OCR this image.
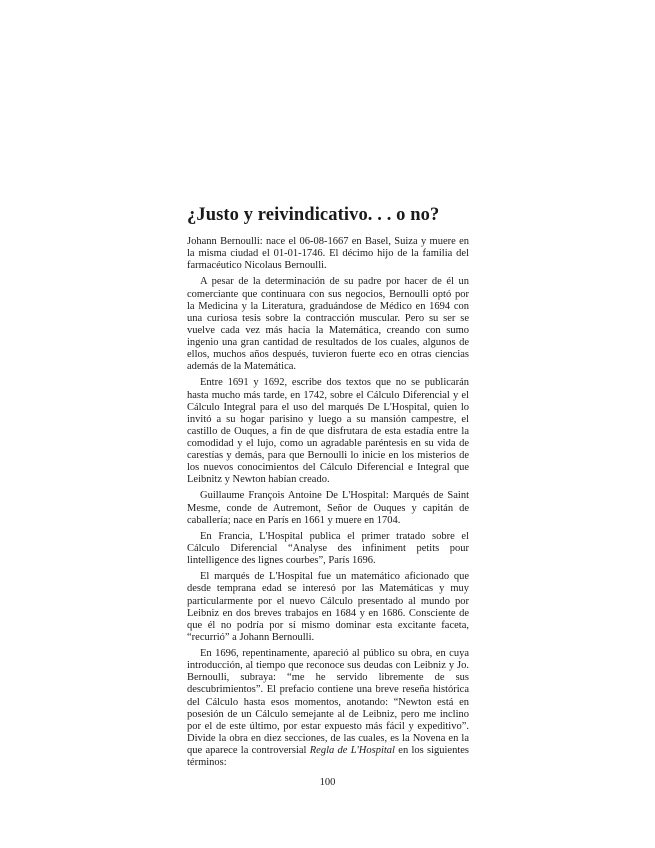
¿Justo y reivindicativo. . . o no?

Johann Bernoulli: nace el 06-08-1667 en Basel, Suiza y muere en la misma ciudad el 01-01-1746. El décimo hijo de la familia del farmacéutico Nicolaus Bernoulli.

A pesar de la determinación de su padre por hacer de él un comerciante que continuara con sus negocios, Bernoulli optó por la Medicina y la Literatura, graduándose de Médico en 1694 con una curiosa tesis sobre la contracción muscular. Pero su ser se vuelve cada vez más hacia la Matemática, creando con sumo ingenio una gran cantidad de resultados de los cuales, algunos de ellos, muchos años después, tuvieron fuerte eco en otras ciencias además de la Matemática.

Entre 1691 y 1692, escribe dos textos que no se publicarán hasta mucho más tarde, en 1742, sobre el Cálculo Diferencial y el Cálculo Integral para el uso del marqués De L'Hospital, quien lo invitó a su hogar parisino y luego a su mansión campestre, el castillo de Ouques, a fin de que disfrutara de esta estadía entre la comodidad y el lujo, como un agradable paréntesis en su vida de carestías y demás, para que Bernoulli lo inicie en los misterios de los nuevos conocimientos del Cálculo Diferencial e Integral que Leibnitz y Newton habían creado.

Guillaume François Antoine De L'Hospital: Marqués de Saint Mesme, conde de Autremont, Señor de Ouques y capitán de caballería; nace en París en 1661 y muere en 1704.

En Francia, L'Hospital publica el primer tratado sobre el Cálculo Diferencial “Analyse des infiniment petits pour lintelligence des lignes courbes”, París 1696.

El marqués de L'Hospital fue un matemático aficionado que desde temprana edad se interesó por las Matemáticas y muy particularmente por el nuevo Cálculo presentado al mundo por Leibniz en dos breves trabajos en 1684 y en 1686. Consciente de que él no podría por sí mismo dominar esta excitante faceta, “recurrió” a Johann Bernoulli.

En 1696, repentinamente, apareció al público su obra, en cuya introducción, al tiempo que reconoce sus deudas con Leibniz y Jo. Bernoulli, subraya: “me he servido libremente de sus descubrimientos”. El prefacio contiene una breve reseña histórica del Cálculo hasta esos momentos, anotando: “Newton está en posesión de un Cálculo semejante al de Leibniz, pero me inclino por el de este último, por estar expuesto más fácil y expeditivo”. Divide la obra en diez secciones, de las cuales, es la Novena en la que aparece la controversial Regla de L'Hospital en los siguientes términos:

100
